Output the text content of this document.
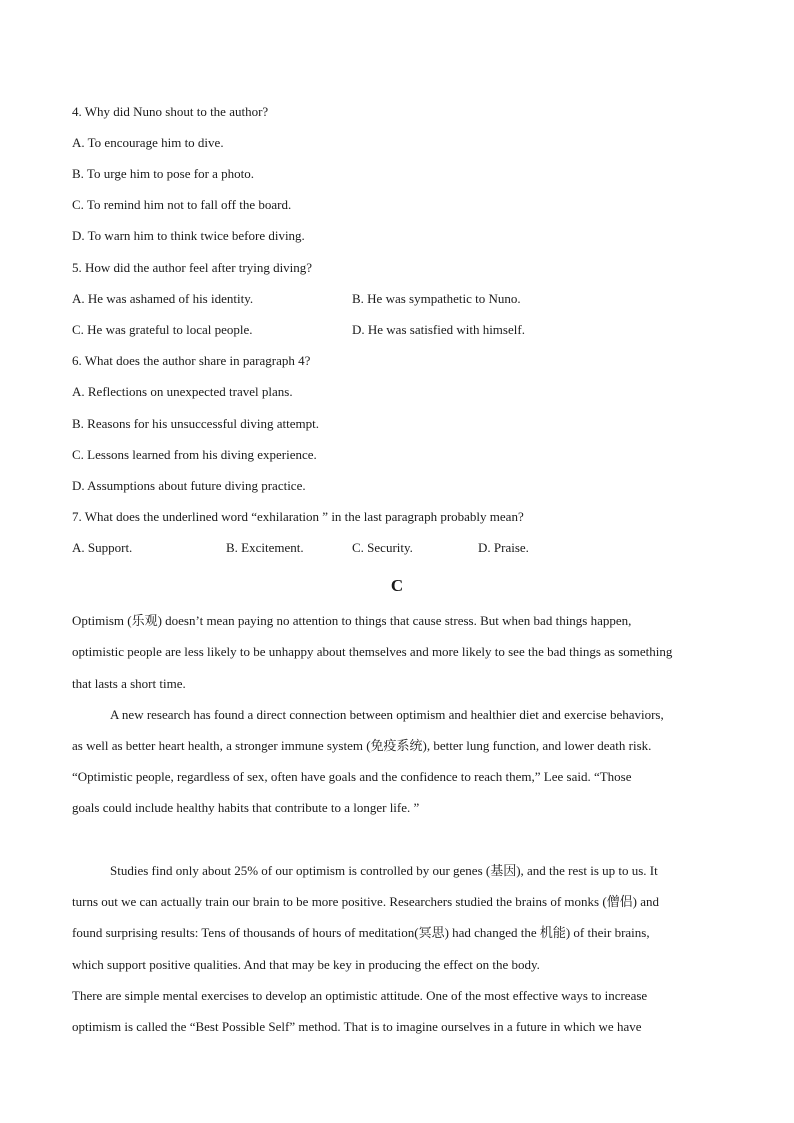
4. Why did Nuno shout to the author?
A. To encourage him to dive.
B. To urge him to pose for a photo.
C. To remind him not to fall off the board.
D. To warn him to think twice before diving.
5. How did the author feel after trying diving?
A. He was ashamed of his identity.	B. He was sympathetic to Nuno.
C. He was grateful to local people.	D. He was satisfied with himself.
6. What does the author share in paragraph 4?
A. Reflections on unexpected travel plans.
B. Reasons for his unsuccessful diving attempt.
C. Lessons learned from his diving experience.
D. Assumptions about future diving practice.
7. What does the underlined word “exhilaration ” in the last paragraph probably mean?
A. Support.	B. Excitement.	C. Security.	D. Praise.
C
Optimism (乐观) doesn’t mean paying no attention to things that cause stress. But when bad things happen,
optimistic people are less likely to be unhappy about themselves and more likely to see the bad things as something
that lasts a short time.
A new research has found a direct connection between optimism and healthier diet and exercise behaviors,
as well as better heart health, a stronger immune system (免疫系统), better lung function, and lower death risk.
“Optimistic people, regardless of sex, often have goals and the confidence to reach them,” Lee said. “Those
goals could include healthy habits that contribute to a longer life. ”
Studies find only about 25% of our optimism is controlled by our genes (基因), and the rest is up to us. It
turns out we can actually train our brain to be more positive. Researchers studied the brains of monks (僧侣) and
found surprising results: Tens of thousands of hours of meditation(冥思) had changed the 机能) of their brains,
which support positive qualities. And that may be key in producing the effect on the body.
There are simple mental exercises to develop an optimistic attitude. One of the most effective ways to increase
optimism is called the “Best Possible Self” method. That is to imagine ourselves in a future in which we have
